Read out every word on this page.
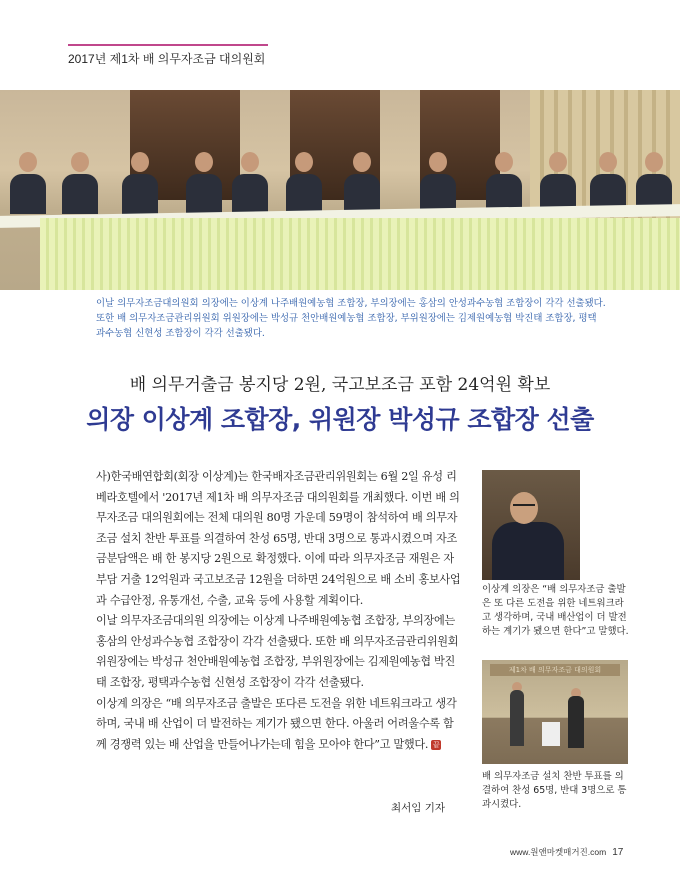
2017년 제1차 배 의무자조금 대의원회
이날 의무자조금대의원회 의장에는 이상계 나주배원예농협 조합장, 부의장에는 홍삼의 안성과수농협 조합장이 각각 선출됐다.
또한 배 의무자조금관리위원회 위원장에는 박성규 천안배원예농협 조합장, 부위원장에는 김제원예농협 박진태 조합장, 평택
과수농협 신현성 조합장이 각각 선출됐다.
배 의무거출금 봉지당 2원, 국고보조금 포함 24억원 확보
의장 이상계 조합장, 위원장 박성규 조합장 선출

사)한국배연합회(회장 이상계)는 한국배자조금관리위원회는 6월 2일 유성 리베라호텔에서 '2017년 제1차 배 의무자조금 대의원회를 개최했다. 이번 배 의무자조금 대의원회에는 전체 대의원 80명 가운데 59명이 참석하여 배 의무자조금 설치 찬반 투표를 의결하여 찬성 65명, 반대 3명으로 통과시켰으며 자조금분담액은 배 한 봉지당 2원으로 확정했다. 이에 따라 의무자조금 재원은 자부담 거출 12억원과 국고보조금 12원을 더하면 24억원으로 배 소비 홍보사업과 수급안정, 유통개선, 수출, 교육 등에 사용할 계획이다.

이날 의무자조금대의원 의장에는 이상계 나주배원예농협 조합장, 부의장에는 홍삼의 안성과수농협 조합장이 각각 선출됐다. 또한 배 의무자조금관리위원회 위원장에는 박성규 천안배원예농협 조합장, 부위원장에는 김제원예농협 박진태 조합장, 평택과수농협 신현성 조합장이 각각 선출됐다.

이상계 의장은 “배 의무자조금 출발은 또다른 도전을 위한 네트워크라고 생각하며, 국내 배 산업이 더 발전하는 계기가 됐으면 한다. 아울러 어려울수록 함께 경쟁력 있는 배 산업을 만들어나가는데 힘을 모아야 한다”고 말했다. 끝

최서임 기자
이상계 의장은 “배 의무자조금 출발은 또 다른 도전을 위한 네트워크라고 생각하며, 국내 배산업이 더 발전하는 계기가 됐으면 한다”고 말했다.
제1차 배 의무자조금 대의원회
배 의무자조금 설치 찬반 투표를 의결하여 찬성 65명, 반대 3명으로 통과시켰다.
www.원앤마켓매거진.com 17
